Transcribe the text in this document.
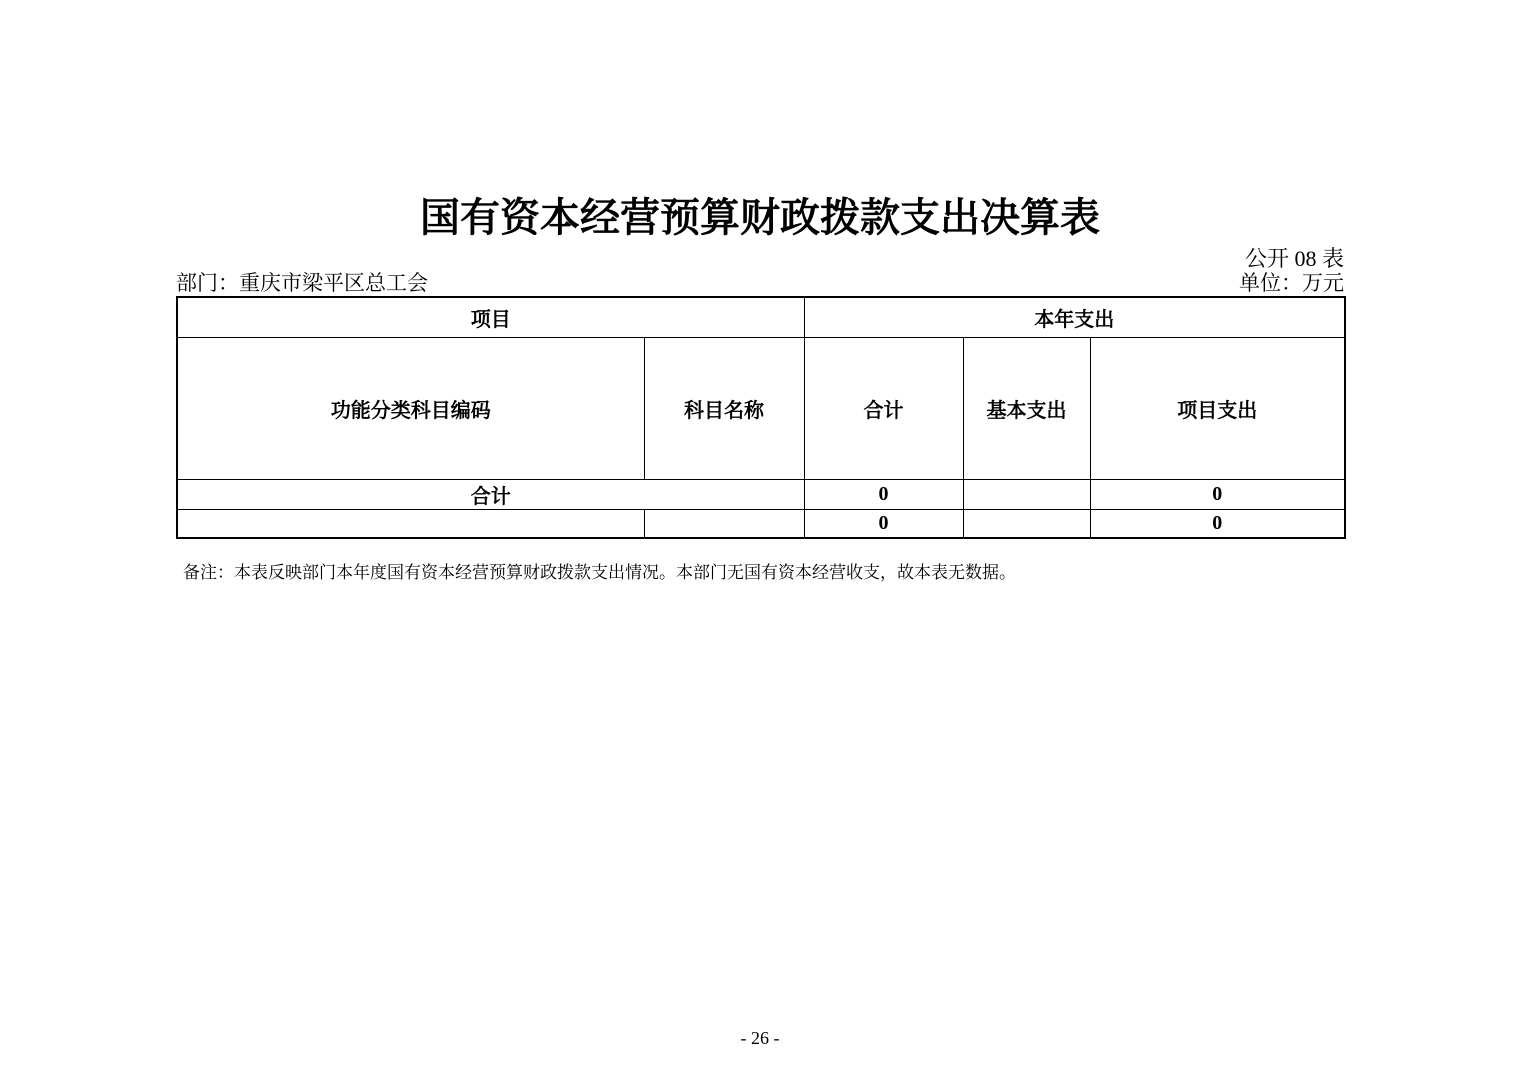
国有资本经营预算财政拨款支出决算表
公开 08 表
部门：重庆市梁平区总工会	单位：万元
项目		本年支出		
功能分类科目编码	科目名称	合计	基本支出	项目支出
合计		0		0
		0		0
备注：本表反映部门本年度国有资本经营预算财政拨款支出情况。本部门无国有资本经营收支，故本表无数据。
- 26 -
